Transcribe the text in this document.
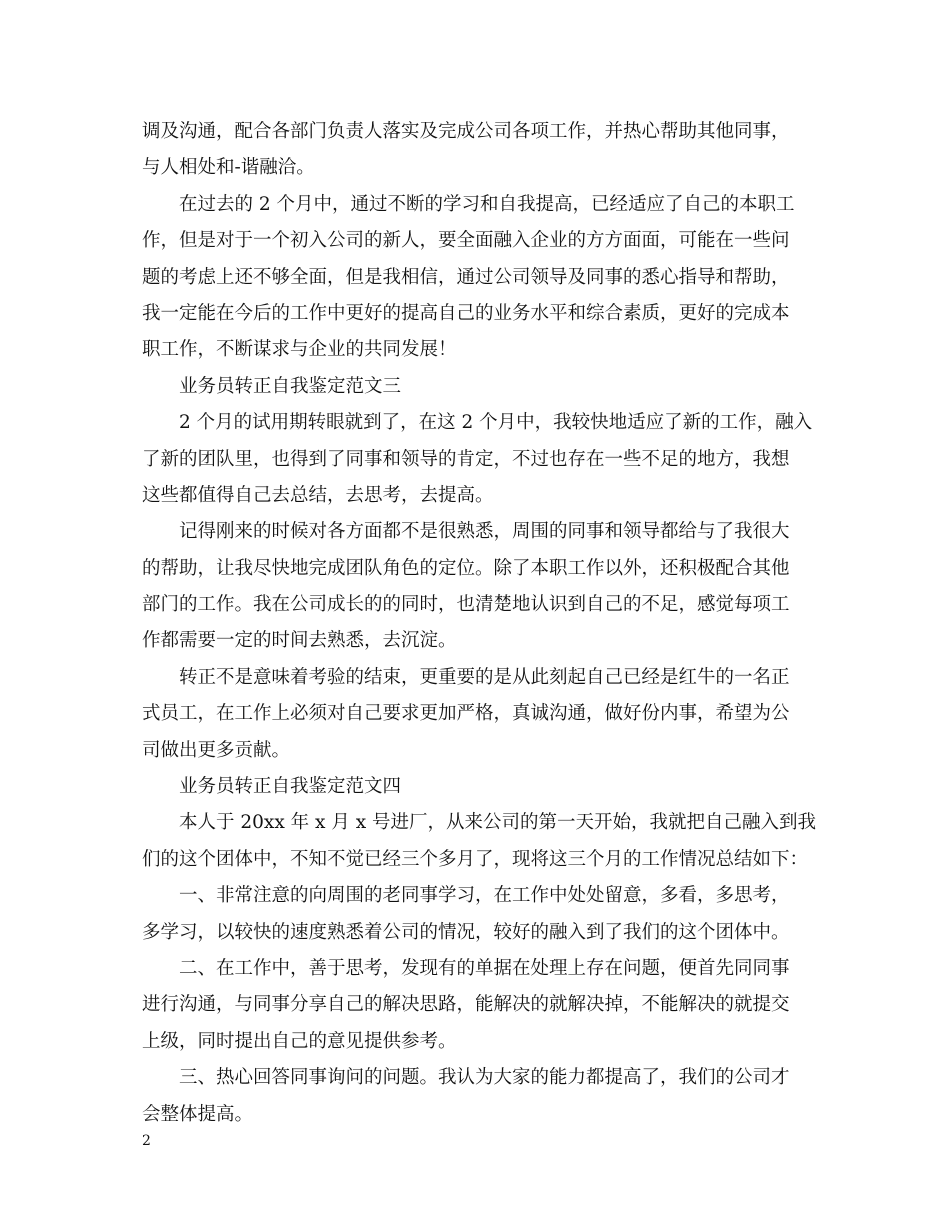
调及沟通，配合各部门负责人落实及完成公司各项工作，并热心帮助其他同事，
与人相处和-谐融洽。
在过去的 2 个月中，通过不断的学习和自我提高，已经适应了自己的本职工
作，但是对于一个初入公司的新人，要全面融入企业的方方面面，可能在一些问
题的考虑上还不够全面，但是我相信，通过公司领导及同事的悉心指导和帮助，
我一定能在今后的工作中更好的提高自己的业务水平和综合素质，更好的完成本
职工作，不断谋求与企业的共同发展！
业务员转正自我鉴定范文三
2 个月的试用期转眼就到了，在这 2 个月中，我较快地适应了新的工作，融入
了新的团队里，也得到了同事和领导的肯定，不过也存在一些不足的地方，我想
这些都值得自己去总结，去思考，去提高。
记得刚来的时候对各方面都不是很熟悉，周围的同事和领导都给与了我很大
的帮助，让我尽快地完成团队角色的定位。除了本职工作以外，还积极配合其他
部门的工作。我在公司成长的的同时，也清楚地认识到自己的不足，感觉每项工
作都需要一定的时间去熟悉，去沉淀。
转正不是意味着考验的结束，更重要的是从此刻起自己已经是红牛的一名正
式员工，在工作上必须对自己要求更加严格，真诚沟通，做好份内事，希望为公
司做出更多贡献。
业务员转正自我鉴定范文四
本人于 20xx 年 x 月 x 号进厂，从来公司的第一天开始，我就把自己融入到我
们的这个团体中，不知不觉已经三个多月了，现将这三个月的工作情况总结如下：
一、非常注意的向周围的老同事学习，在工作中处处留意，多看，多思考，
多学习，以较快的速度熟悉着公司的情况，较好的融入到了我们的这个团体中。
二、在工作中，善于思考，发现有的单据在处理上存在问题，便首先同同事
进行沟通，与同事分享自己的解决思路，能解决的就解决掉，不能解决的就提交
上级，同时提出自己的意见提供参考。
三、热心回答同事询问的问题。我认为大家的能力都提高了，我们的公司才
会整体提高。
2
